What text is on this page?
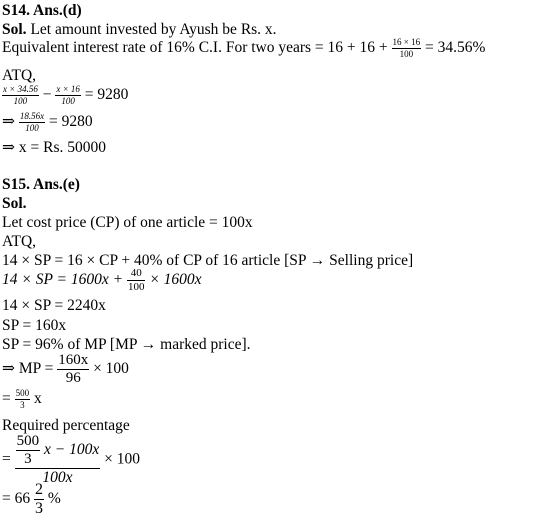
S14. Ans.(d)
Sol. Let amount invested by Ayush be Rs. x.
Equivalent interest rate of 16% C.I. For two years = $16 + 16 + \frac{16 \times 16}{100} = 34.56\%$
ATQ,
$\frac{x \times 34.56}{100} - \frac{x \times 16}{100} = 9280$
⇒ $\frac{18.56x}{100} = 9280$
⇒ x = Rs. 50000
S15. Ans.(e)
Sol.
Let cost price (CP) of one article = 100x
ATQ,
14 × SP = 16 × CP + 40% of CP of 16 article [SP → Selling price]
14 × SP = $1600x + \frac{40}{100} \times 1600x$
14 × SP = 2240x
SP = 160x
SP = 96% of MP [MP → marked price].
⇒ MP = $\frac{160x}{96} \times 100$
= $\frac{500}{3}$ x
Required percentage
= $\frac{\frac{500}{3} x - 100x}{100x} \times 100$
= $66 \frac{2}{3}$ %
